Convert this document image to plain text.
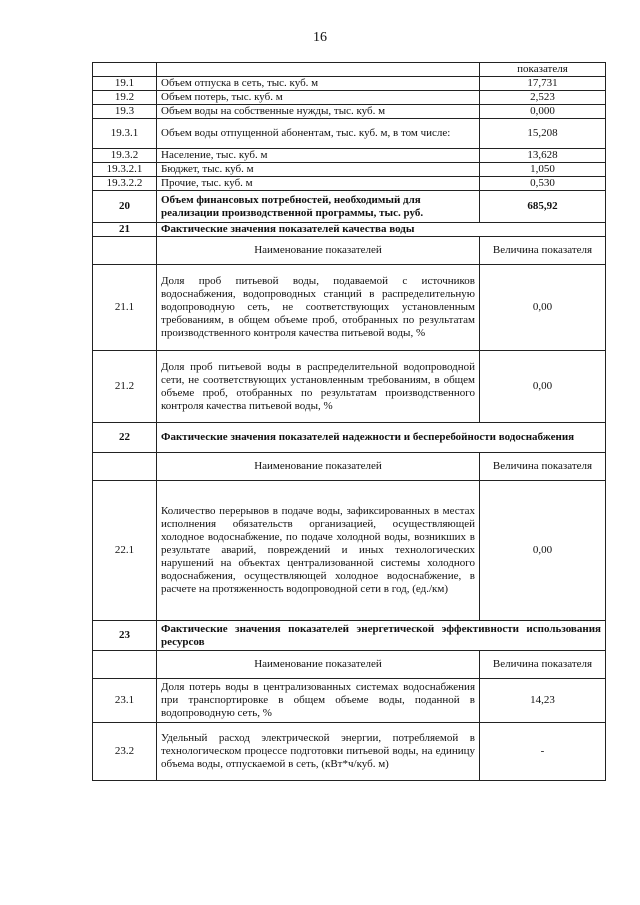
16
		показателя
19.1	Объем отпуска в сеть, тыс. куб. м	17,731
19.2	Объем потерь, тыс. куб. м	2,523
19.3	Объем воды на собственные нужды, тыс. куб. м	0,000
19.3.1	Объем воды отпущенной абонентам, тыс. куб. м, в том числе:	15,208
19.3.2	Население, тыс. куб. м	13,628
19.3.2.1	Бюджет, тыс. куб. м	1,050
19.3.2.2	Прочие, тыс. куб. м	0,530
20	Объем финансовых потребностей, необходимый для реализации производственной программы, тыс. руб.	685,92
21	Фактические значения показателей качества воды	
	Наименование показателей	Величина показателя
21.1	Доля проб питьевой воды, подаваемой с источников водоснабжения, водопроводных станций в распределительную водопроводную сеть, не соответствующих установленным требованиям, в общем объеме проб, отобранных по результатам производственного контроля качества питьевой воды, %	0,00
21.2	Доля проб питьевой воды в распределительной водопроводной сети, не соответствующих установленным требованиям, в общем объеме проб, отобранных по результатам производственного контроля качества питьевой воды, %	0,00
22	Фактические значения показателей надежности и бесперебойности водоснабжения	
	Наименование показателей	Величина показателя
22.1	Количество перерывов в подаче воды, зафиксированных в местах исполнения обязательств организацией, осуществляющей холодное водоснабжение, по подаче холодной воды, возникших в результате аварий, повреждений и иных технологических нарушений на объектах централизованной системы холодного водоснабжения, осуществляющей холодное водоснабжение, в расчете на протяженность водопроводной сети в год, (ед./км)	0,00
23	Фактические значения показателей энергетической эффективности использования ресурсов	
	Наименование показателей	Величина показателя
23.1	Доля потерь воды в централизованных системах водоснабжения при транспортировке в общем объеме воды, поданной в водопроводную сеть, %	14,23
23.2	Удельный расход электрической энергии, потребляемой в технологическом процессе подготовки питьевой воды, на единицу объема воды, отпускаемой в сеть, (кВт*ч/куб. м)	-
